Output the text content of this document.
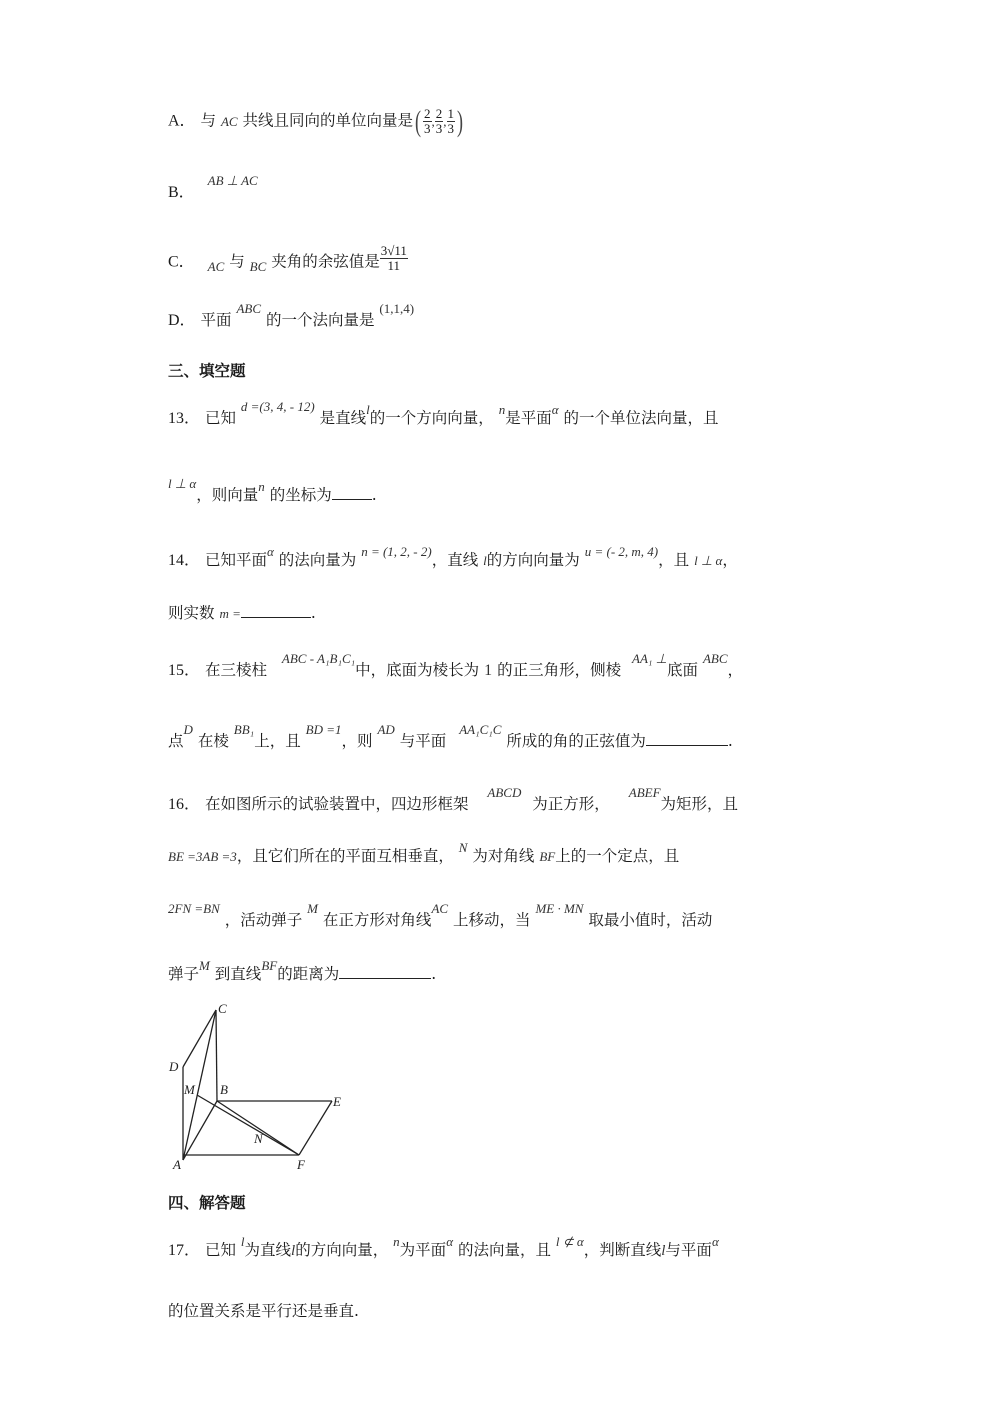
A． 与 AC 共线且同向的单位向量是( $\frac{2}{3}$ , $\frac{2}{3}$ , $\frac{1}{3}$ )
B． $^{AB \perp AC}$
C． $_{AC}$ 与 $_{BC}$ 夹角的余弦值是 $\frac{3√11}{11}$
D． 平面 $^{ABC}$ 的一个法向量是 $^{(1,1,4)}$
三、填空题
13． 已知 $^{d =(3, 4, - 12)}$ 是直线$^l$的一个方向向量， $^n$是平面$^\alpha$ 的一个单位法向量，且
$^{l \perp \alpha}$，则向量$^n$ 的坐标为	.
14． 已知平面$^\alpha$ 的法向量为 $^{n = (1, 2, - 2)}$，直线 l的方向向量为 $^{u = (- 2, m, 4)}$，且 l ⊥ α，
则实数 m =	.
15． 在三棱柱 $^{ABC - A_1B_1C_1}$中，底面为棱长为 1 的正三角形，侧棱 $^{AA_1 \perp}$底面 $^{ABC}$，
点$^D$ 在棱 $^{BB_1}$上，且 $^{BD =1}$，则 $^{AD}$ 与平面 $^{AA_1C_1C}$ 所成的角的正弦值为	.
16． 在如图所示的试验装置中，四边形框架 $^{ABCD}$ 为正方形， $^{ABEF}$为矩形，且
BE =3AB =3，且它们所在的平面互相垂直， $^N$ 为对角线 BF上的一个定点，且
$^{2FN =BN}$ ，活动弹子 $^M$ 在正方形对角线$^{AC}$ 上移动，当 $^{ME \cdot MN}$ 取最小值时，活动
弹子$^M$ 到直线$^{BF}$的距离为	.
C
D
M B
E
N
A	F
四、解答题
17． 已知 $^l$为直线l的方向向量， $^n$为平面$^\alpha$ 的法向量，且 $^{l ⊄ \alpha}$，判断直线l与平面$^\alpha$
的位置关系是平行还是垂直.
